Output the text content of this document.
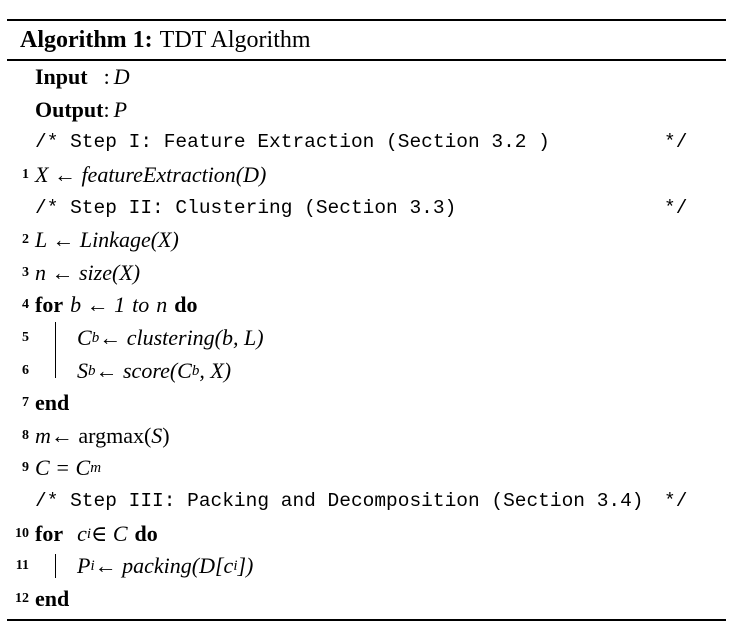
Algorithm 1: TDT Algorithm
Input : D
Output : P
/* Step I: Feature Extraction (Section 3.2 )	*/
1 X ← featureExtraction(D)
/* Step II: Clustering (Section 3.3)	*/
2 L ← Linkage(X)
3 n ← size(X)
4 for b ← 1 to n do
5 C b ← clustering(b, L)
6 S b ← score(C b , X)
7 end
8 m ← argmax( S )
9 C = C m
/* Step III: Packing and Decomposition (Section 3.4) */
10 for c i ∈ C do
11 P i ← packing(D[c i ])
12 end
